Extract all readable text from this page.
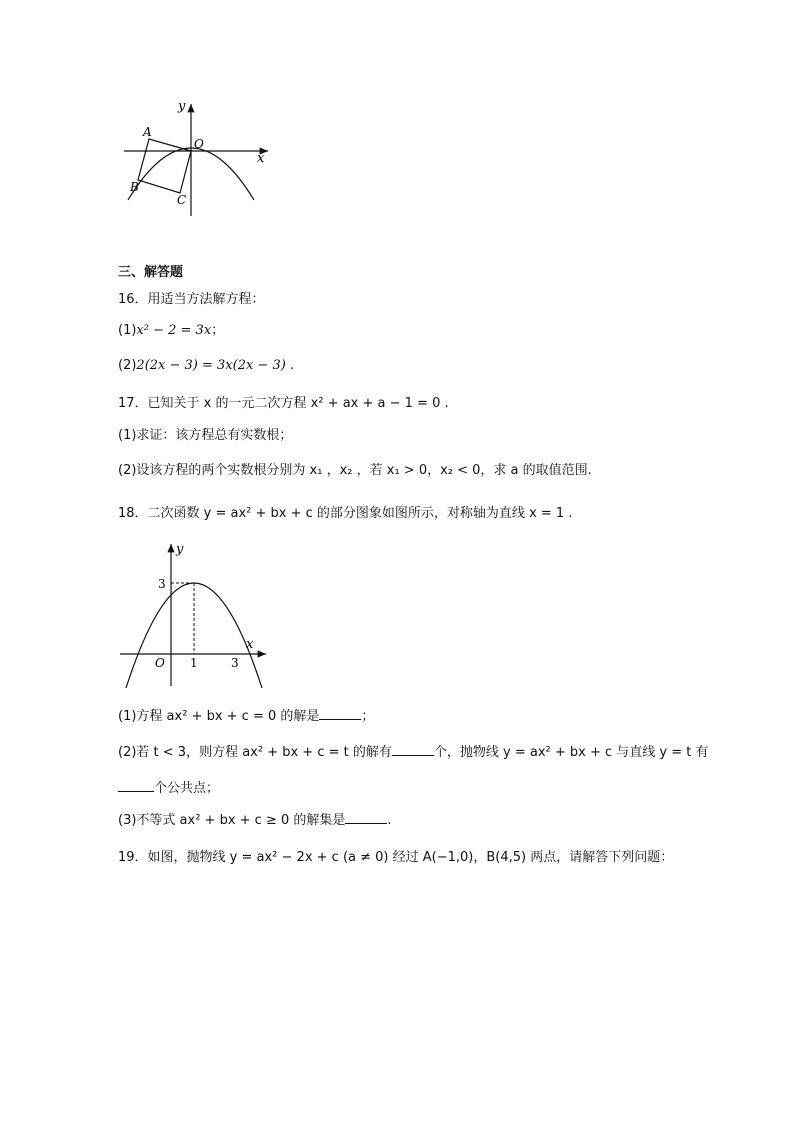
y
x
O
A
B
C
三、解答题
16．用适当方法解方程：
(1)x² − 2 = 3x；
(2)2(2x − 3) = 3x(2x − 3) .
17．已知关于 x 的一元二次方程 x² + ax + a − 1 = 0 .
(1)求证：该方程总有实数根；
(2)设该方程的两个实数根分别为 x₁ ，x₂ ，若 x₁ > 0，x₂ < 0，求 a 的取值范围.
18．二次函数 y = ax² + bx + c 的部分图象如图所示，对称轴为直线 x = 1 .
y
x
O
3
1	3
(1)方程 ax² + bx + c = 0 的解是	；
(2)若 t < 3，则方程 ax² + bx + c = t 的解有	个，抛物线 y = ax² + bx + c 与直线 y = t 有
个公共点；
(3)不等式 ax² + bx + c ≥ 0 的解集是	.
19．如图，抛物线 y = ax² − 2x + c (a ≠ 0) 经过 A(−1,0)，B(4,5) 两点，请解答下列问题：
